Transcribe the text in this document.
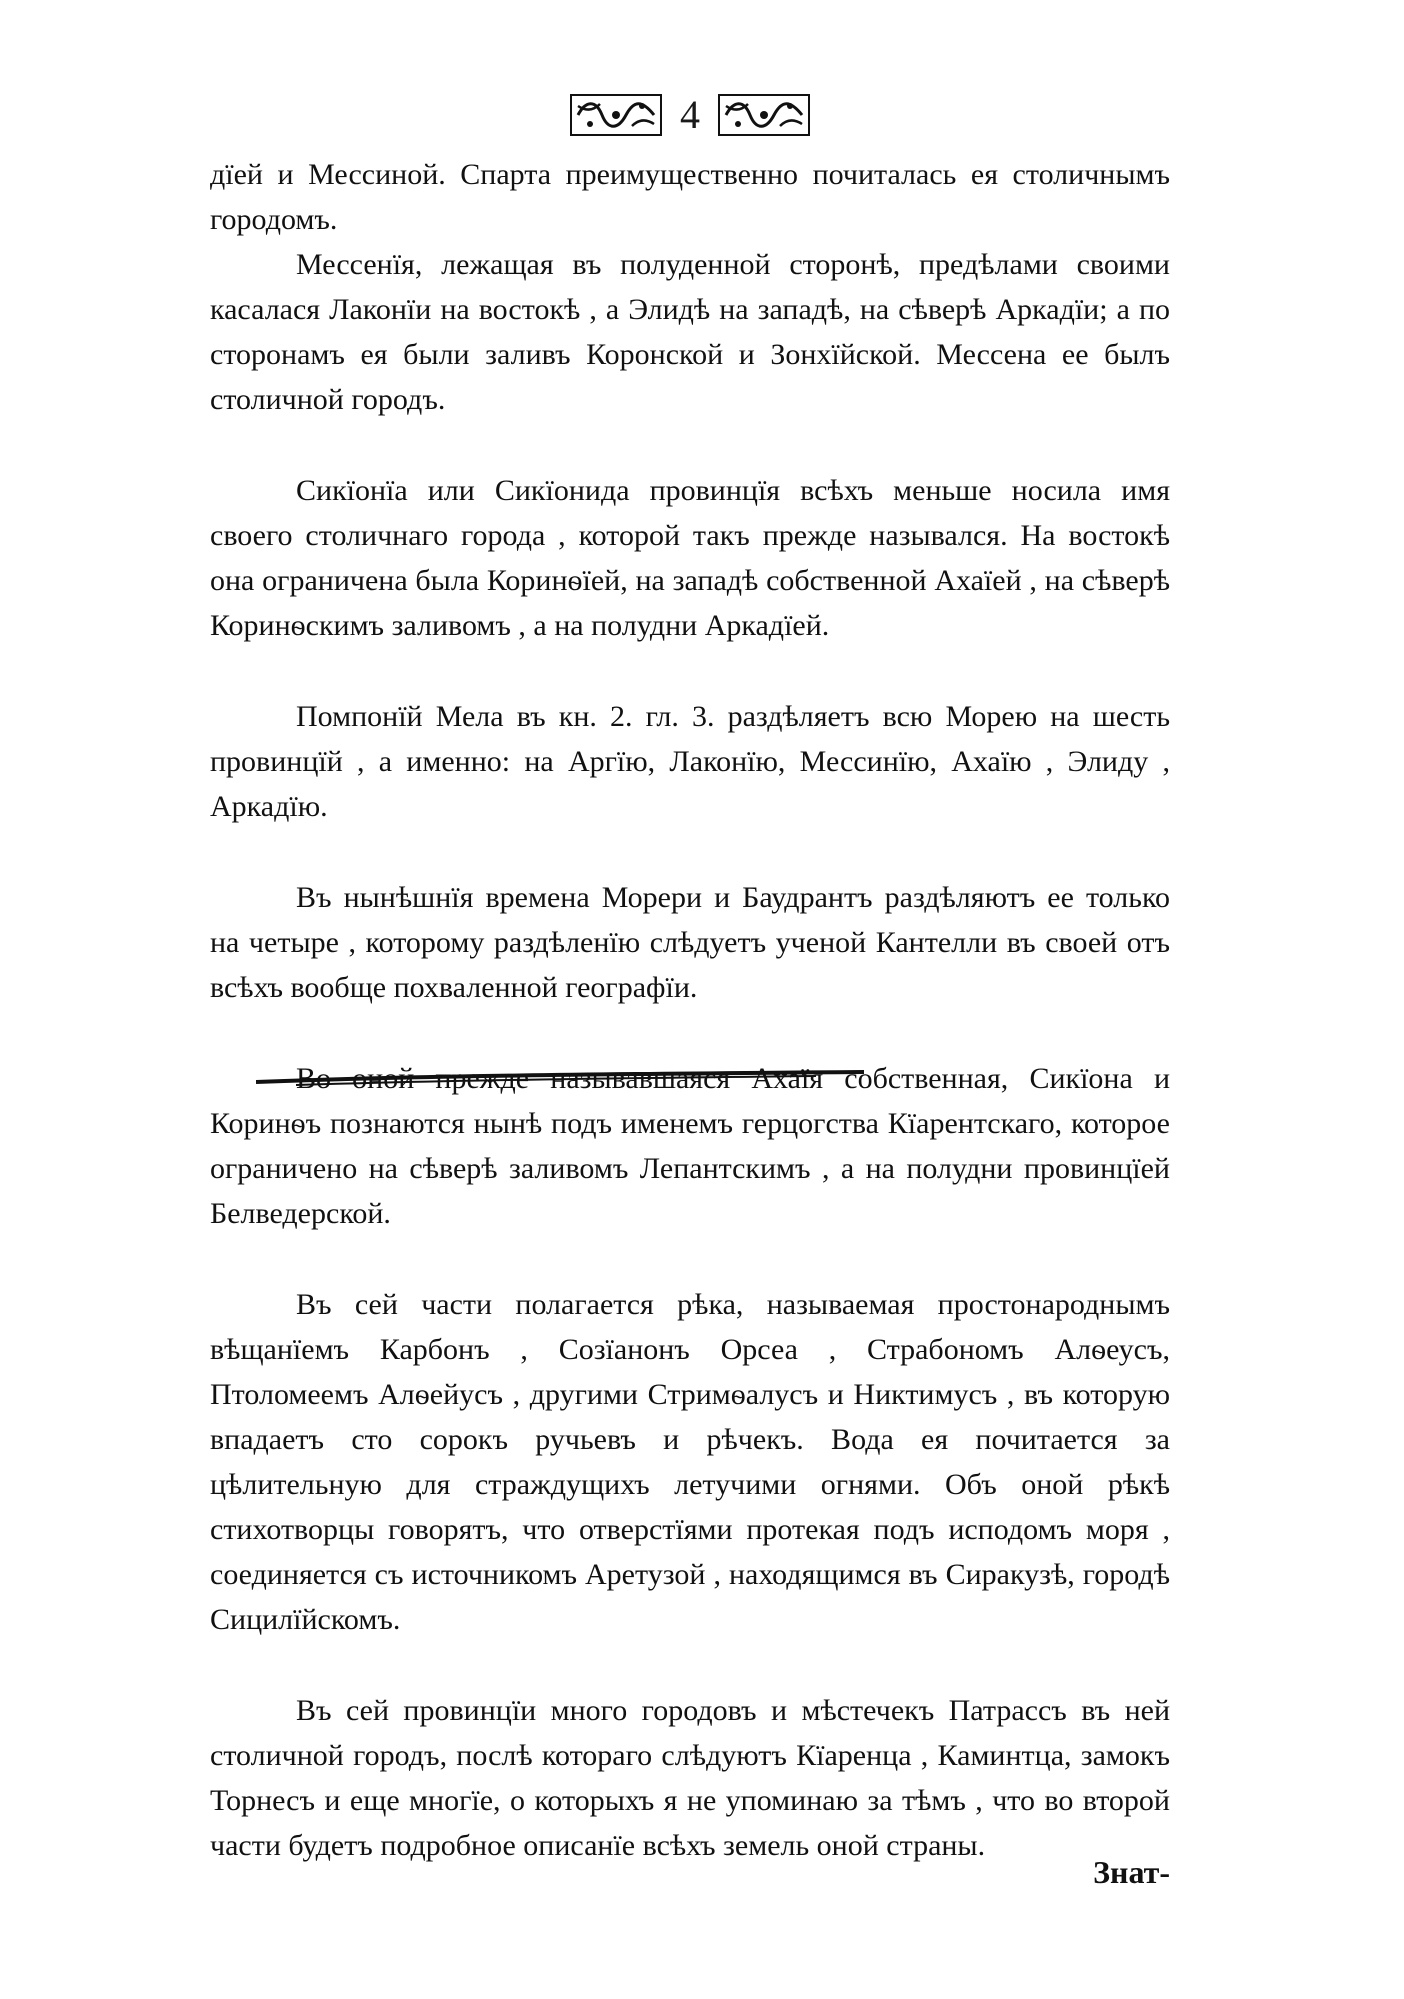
4

дїей и Мессиной. Спарта преимущественно почиталась ея столичнымъ городомъ.

Мессенїя, лежащая въ полуденной сторонѣ, предѣлами своими касалася Лаконїи на востокѣ , а Элидѣ на западѣ, на сѣверѣ Аркадїи; а по сторонамъ ея были заливъ Коронской и Зонхїйской. Мессена ее былъ столичной городъ.

Сикїонїа или Сикїонида провинцїя всѣхъ меньше носила имя своего столичнаго города , которой такъ прежде назывался. На востокѣ она ограничена была Коринѳїей, на западѣ собственной Ахаїей , на сѣверѣ Коринѳскимъ заливомъ , а на полудни Аркадїей.

Помпонїй Мела въ кн. 2. гл. 3. раздѣляетъ всю Морею на шесть провинцїй , а именно: на Аргїю, Лаконїю, Мессинїю, Ахаїю , Элиду , Аркадїю.

Въ нынѣшнїя времена Морери и Баудрантъ раздѣляютъ ее только на четыре , которому раздѣленїю слѣдуетъ ученой Кантелли въ своей отъ всѣхъ вообще похваленной географїи.

Во оной прежде называвшаяся Ахаїя собственная, Сикїона и Коринѳъ познаются нынѣ подъ именемъ герцогства Кїарентскаго, которое ограничено на сѣверѣ заливомъ Лепантскимъ , а на полудни провинцїей Белведерской.

Въ сей части полагается рѣка, называемая простонароднымъ вѣщанїемъ Карбонъ , Созїанонъ Орсеа , Страбономъ Алѳеусъ, Птоломеемъ Алѳейусъ , другими Стримѳалусъ и Никтимусъ , въ которую впадаетъ сто сорокъ ручьевъ и рѣчекъ. Вода ея почитается за цѣлительную для страждущихъ летучими огнями. Объ оной рѣкѣ стихотворцы говорятъ, что отверстїями протекая подъ исподомъ моря , соединяется съ источникомъ Аретузой , находящимся въ Сиракузѣ, городѣ Сицилїйскомъ.

Въ сей провинцїи много городовъ и мѣстечекъ Патрассъ въ ней столичной городъ, послѣ котораго слѣдуютъ Кїаренца , Каминтца, замокъ Торнесъ и еще многїе, о которыхъ я не упоминаю за тѣмъ , что во второй части будетъ подробное описанїе всѣхъ земель оной страны.

Знат-
